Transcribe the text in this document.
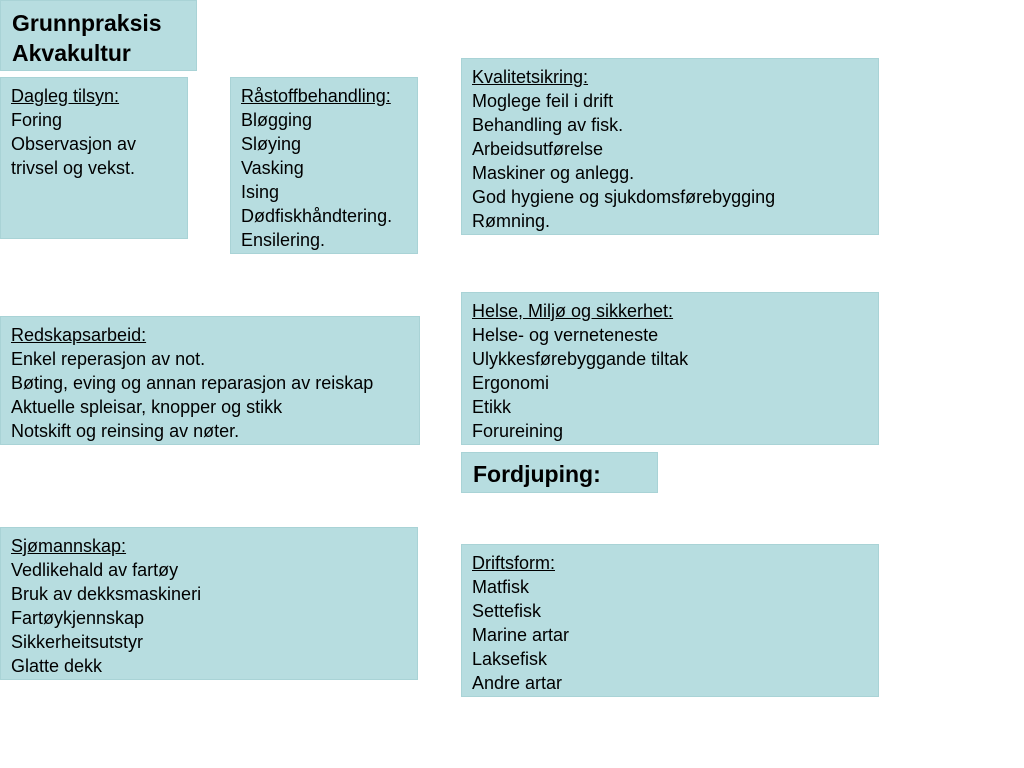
Grunnpraksis
Akvakultur
Dagleg tilsyn:
Foring
Observasjon av trivsel og vekst.
Råstoffbehandling:
Bløgging
Sløying
Vasking
Ising
Dødfiskhåndtering.
Ensilering.
Kvalitetsikring:
Moglege feil i drift
Behandling av fisk.
Arbeidsutførelse
Maskiner og anlegg.
God hygiene og sjukdomsførebygging
Rømning.
Redskapsarbeid:
Enkel reperasjon av not.
Bøting, eving og annan reparasjon av reiskap
Aktuelle spleisar, knopper og stikk
Notskift og reinsing av nøter.
Helse, Miljø og sikkerhet:
Helse- og verneteneste
Ulykkesførebyggande tiltak
Ergonomi
Etikk
Forureining
Fordjuping:
Sjømannskap:
Vedlikehald av fartøy
Bruk av dekksmaskineri
Fartøykjennskap
Sikkerheitsutstyr
Glatte dekk
Driftsform:
Matfisk
Settefisk
Marine artar
Laksefisk
Andre artar
